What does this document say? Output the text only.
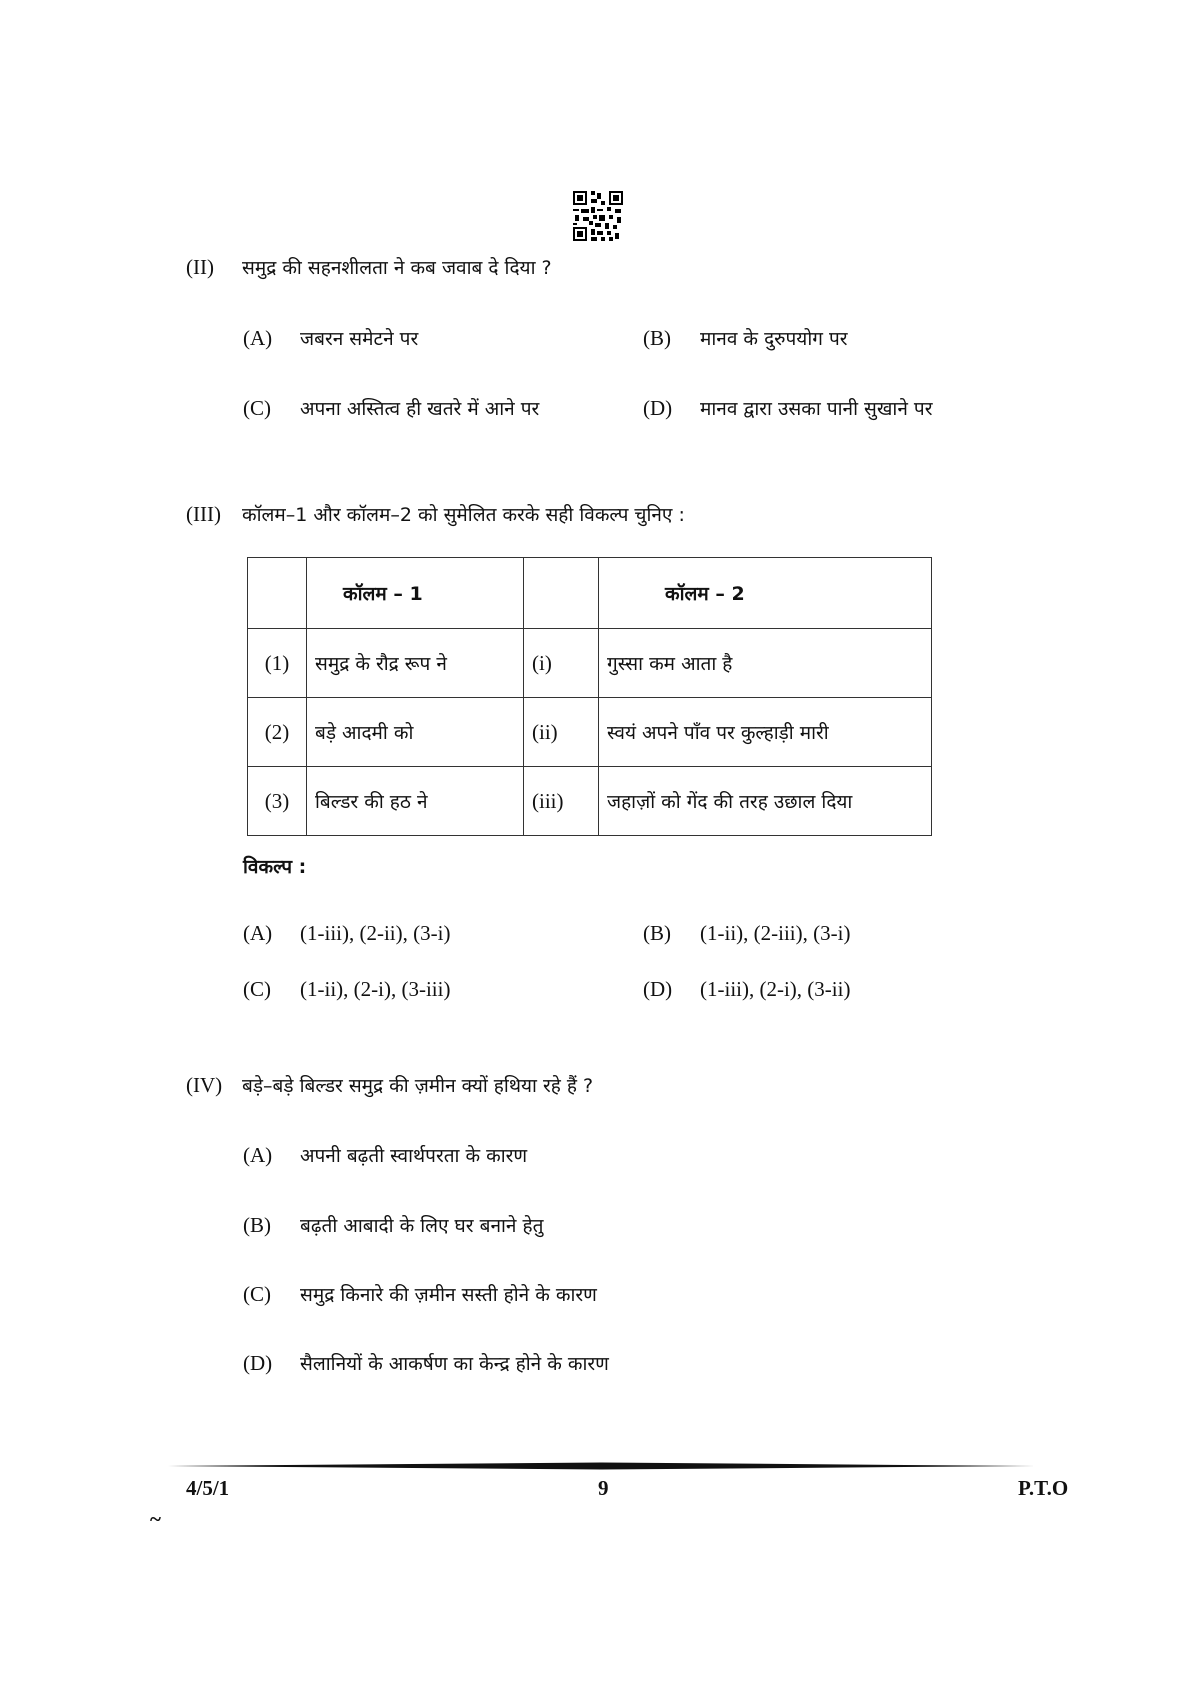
(II)	समुद्र की सहनशीलता ने कब जवाब दे दिया ?
(A)	जबरन समेटने पर	(B)	मानव के दुरुपयोग पर
(C)	अपना अस्तित्व ही खतरे में आने पर	(D)	मानव द्वारा उसका पानी सुखाने पर
(III)	कॉलम–1 और कॉलम–2 को सुमेलित करके सही विकल्प चुनिए :
	कॉलम – 1		कॉलम – 2
(1)	समुद्र के रौद्र रूप ने	(i)	गुस्सा कम आता है
(2)	बड़े आदमी को	(ii)	स्वयं अपने पाँव पर कुल्हाड़ी मारी
(3)	बिल्डर की हठ ने	(iii)	जहाज़ों को गेंद की तरह उछाल दिया
विकल्प :
(A)	(1-iii), (2-ii), (3-i)	(B)	(1-ii), (2-iii), (3-i)
(C)	(1-ii), (2-i), (3-iii)	(D)	(1-iii), (2-i), (3-ii)
(IV)	बड़े–बड़े बिल्डर समुद्र की ज़मीन क्यों हथिया रहे हैं ?
(A)	अपनी बढ़ती स्वार्थपरता के कारण
(B)	बढ़ती आबादी के लिए घर बनाने हेतु
(C)	समुद्र किनारे की ज़मीन सस्ती होने के कारण
(D)	सैलानियों के आकर्षण का केन्द्र होने के कारण
4/5/1	9	P.T.O
~
